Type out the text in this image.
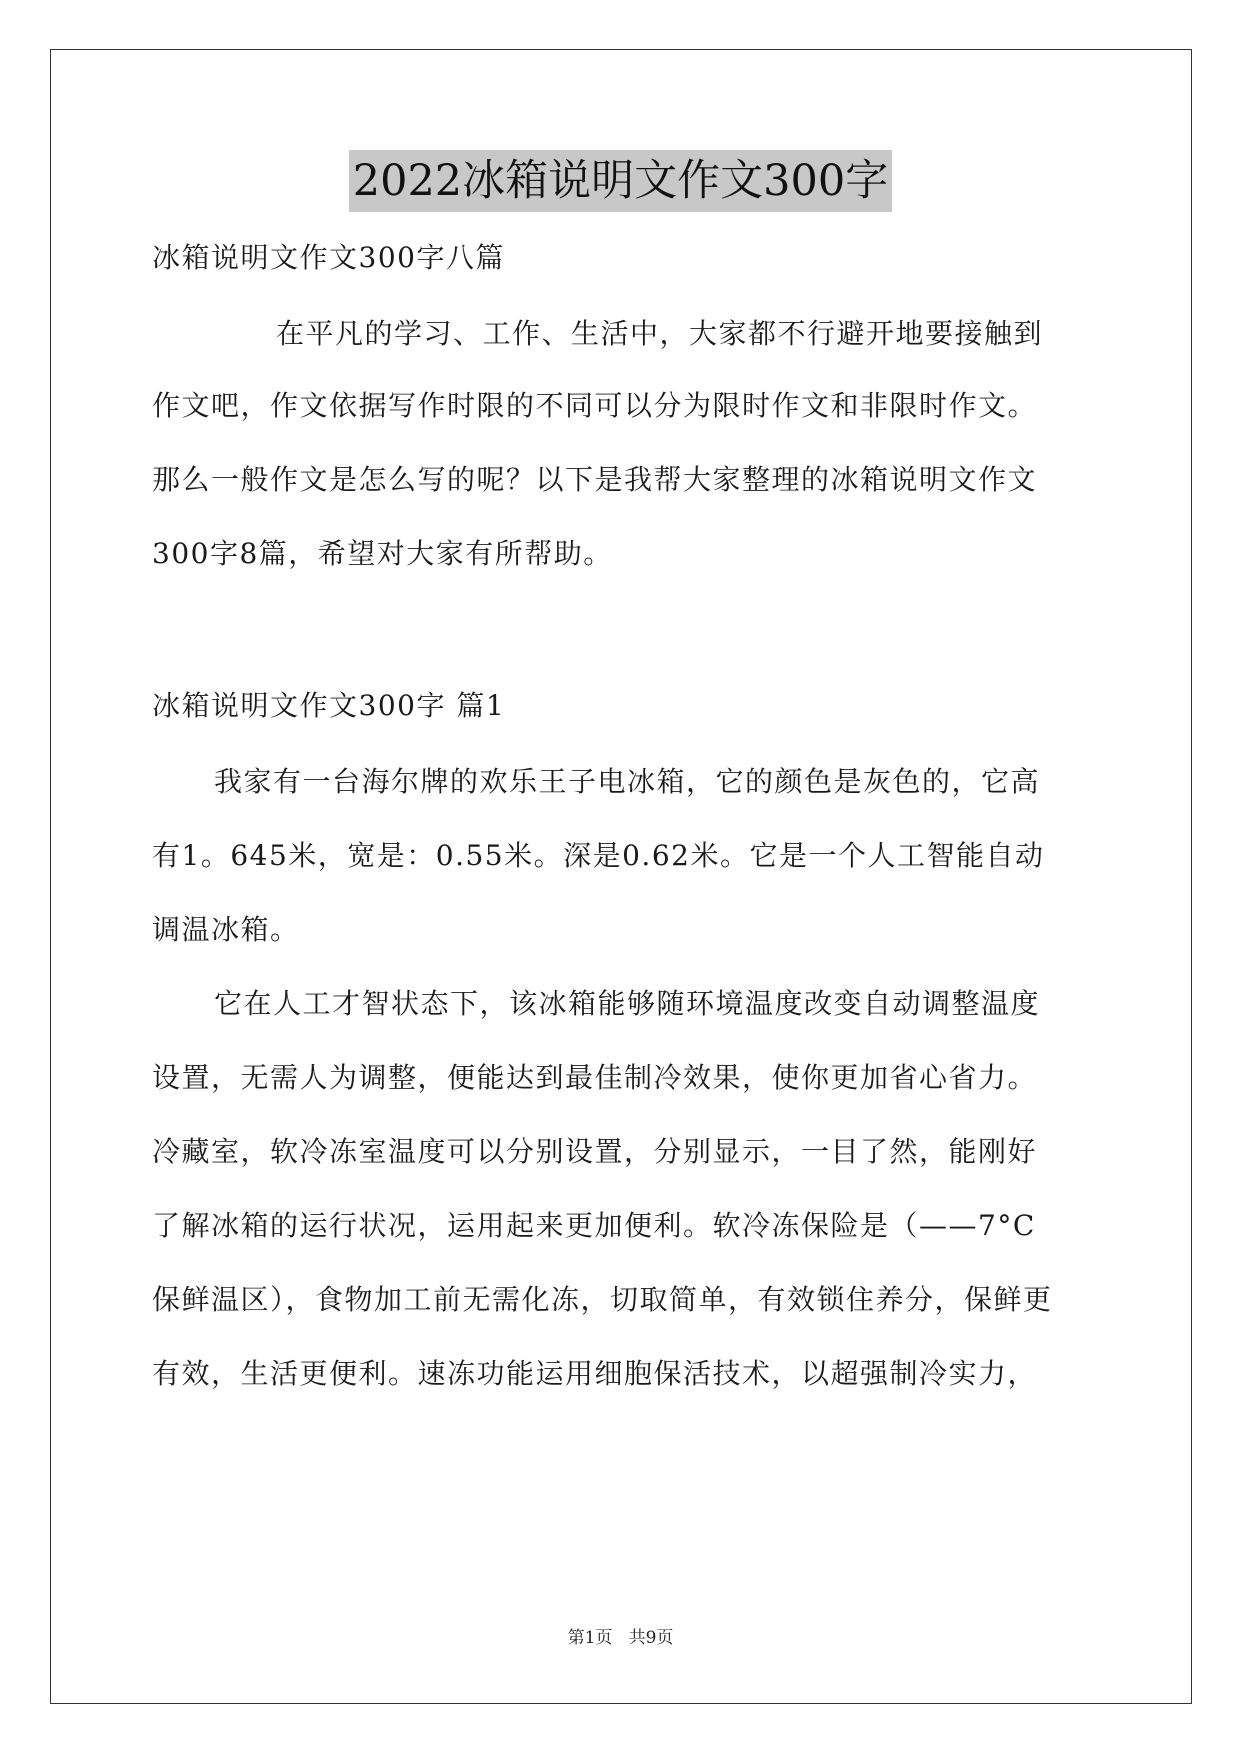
2022冰箱说明文作文300字
冰箱说明文作文300字八篇
在平凡的学习、工作、生活中，大家都不行避开地要接触到
作文吧，作文依据写作时限的不同可以分为限时作文和非限时作文。
那么一般作文是怎么写的呢？以下是我帮大家整理的冰箱说明文作文
300字8篇，希望对大家有所帮助。
冰箱说明文作文300字 篇1
我家有一台海尔牌的欢乐王子电冰箱，它的颜色是灰色的，它高
有1。645米，宽是：0.55米。深是0.62米。它是一个人工智能自动
调温冰箱。
它在人工才智状态下，该冰箱能够随环境温度改变自动调整温度
设置，无需人为调整，便能达到最佳制冷效果，使你更加省心省力。
冷藏室，软冷冻室温度可以分别设置，分别显示，一目了然，能刚好
了解冰箱的运行状况，运用起来更加便利。软冷冻保险是（——7°C
保鲜温区），食物加工前无需化冻，切取简单，有效锁住养分，保鲜更
有效，生活更便利。速冻功能运用细胞保活技术，以超强制冷实力，
第1页   共9页
